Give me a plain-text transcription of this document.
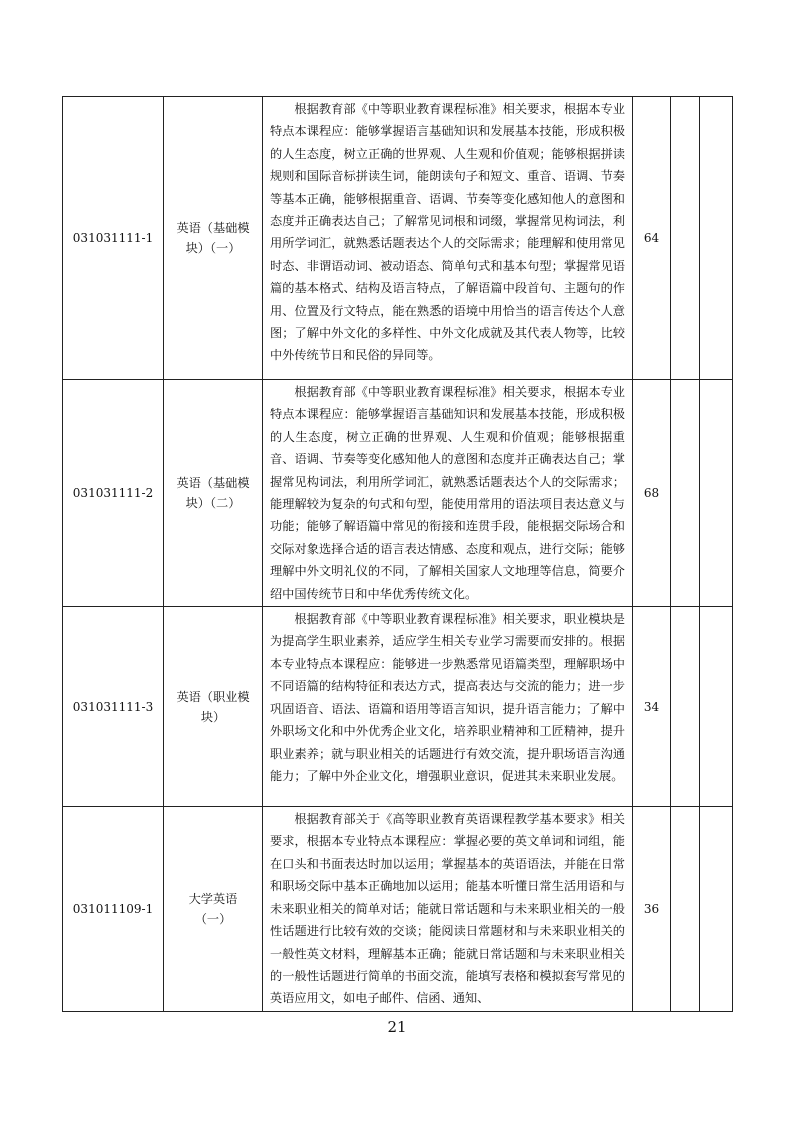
031031111-1	英语（基础模块）（一）	根据教育部《中等职业教育课程标准》相关要求，根据本专业特点本课程应：能够掌握语言基础知识和发展基本技能，形成积极的人生态度，树立正确的世界观、人生观和价值观；能够根据拼读规则和国际音标拼读生词，能朗读句子和短文、重音、语调、节奏等基本正确，能够根据重音、语调、节奏等变化感知他人的意图和态度并正确表达自己；了解常见词根和词缀，掌握常见构词法，利用所学词汇，就熟悉话题表达个人的交际需求；能理解和使用常见时态、非谓语动词、被动语态、简单句式和基本句型；掌握常见语篇的基本格式、结构及语言特点，了解语篇中段首句、主题句的作用、位置及行文特点，能在熟悉的语境中用恰当的语言传达个人意图；了解中外文化的多样性、中外文化成就及其代表人物等，比较中外传统节日和民俗的异同等。	64		
031031111-2	英语（基础模块）（二）	根据教育部《中等职业教育课程标准》相关要求，根据本专业特点本课程应：能够掌握语言基础知识和发展基本技能，形成积极的人生态度，树立正确的世界观、人生观和价值观；能够根据重音、语调、节奏等变化感知他人的意图和态度并正确表达自己；掌握常见构词法，利用所学词汇，就熟悉话题表达个人的交际需求；能理解较为复杂的句式和句型，能使用常用的语法项目表达意义与功能；能够了解语篇中常见的衔接和连贯手段，能根据交际场合和交际对象选择合适的语言表达情感、态度和观点，进行交际；能够理解中外文明礼仪的不同，了解相关国家人文地理等信息，简要介绍中国传统节日和中华优秀传统文化。	68		
031031111-3	英语（职业模块）	根据教育部《中等职业教育课程标准》相关要求，职业模块是为提高学生职业素养，适应学生相关专业学习需要而安排的。根据本专业特点本课程应：能够进一步熟悉常见语篇类型，理解职场中不同语篇的结构特征和表达方式，提高表达与交流的能力；进一步巩固语音、语法、语篇和语用等语言知识，提升语言能力；了解中外职场文化和中外优秀企业文化，培养职业精神和工匠精神，提升职业素养；就与职业相关的话题进行有效交流，提升职场语言沟通能力；了解中外企业文化，增强职业意识，促进其未来职业发展。	34		
031011109-1	大学英语（一）	根据教育部关于《高等职业教育英语课程教学基本要求》相关要求，根据本专业特点本课程应：掌握必要的英文单词和词组，能在口头和书面表达时加以运用；掌握基本的英语语法，并能在日常和职场交际中基本正确地加以运用；能基本听懂日常生活用语和与未来职业相关的简单对话；能就日常话题和与未来职业相关的一般性话题进行比较有效的交谈；能阅读日常题材和与未来职业相关的一般性英文材料，理解基本正确；能就日常话题和与未来职业相关的一般性话题进行简单的书面交流，能填写表格和模拟套写常见的英语应用文，如电子邮件、信函、通知、	36		
21
